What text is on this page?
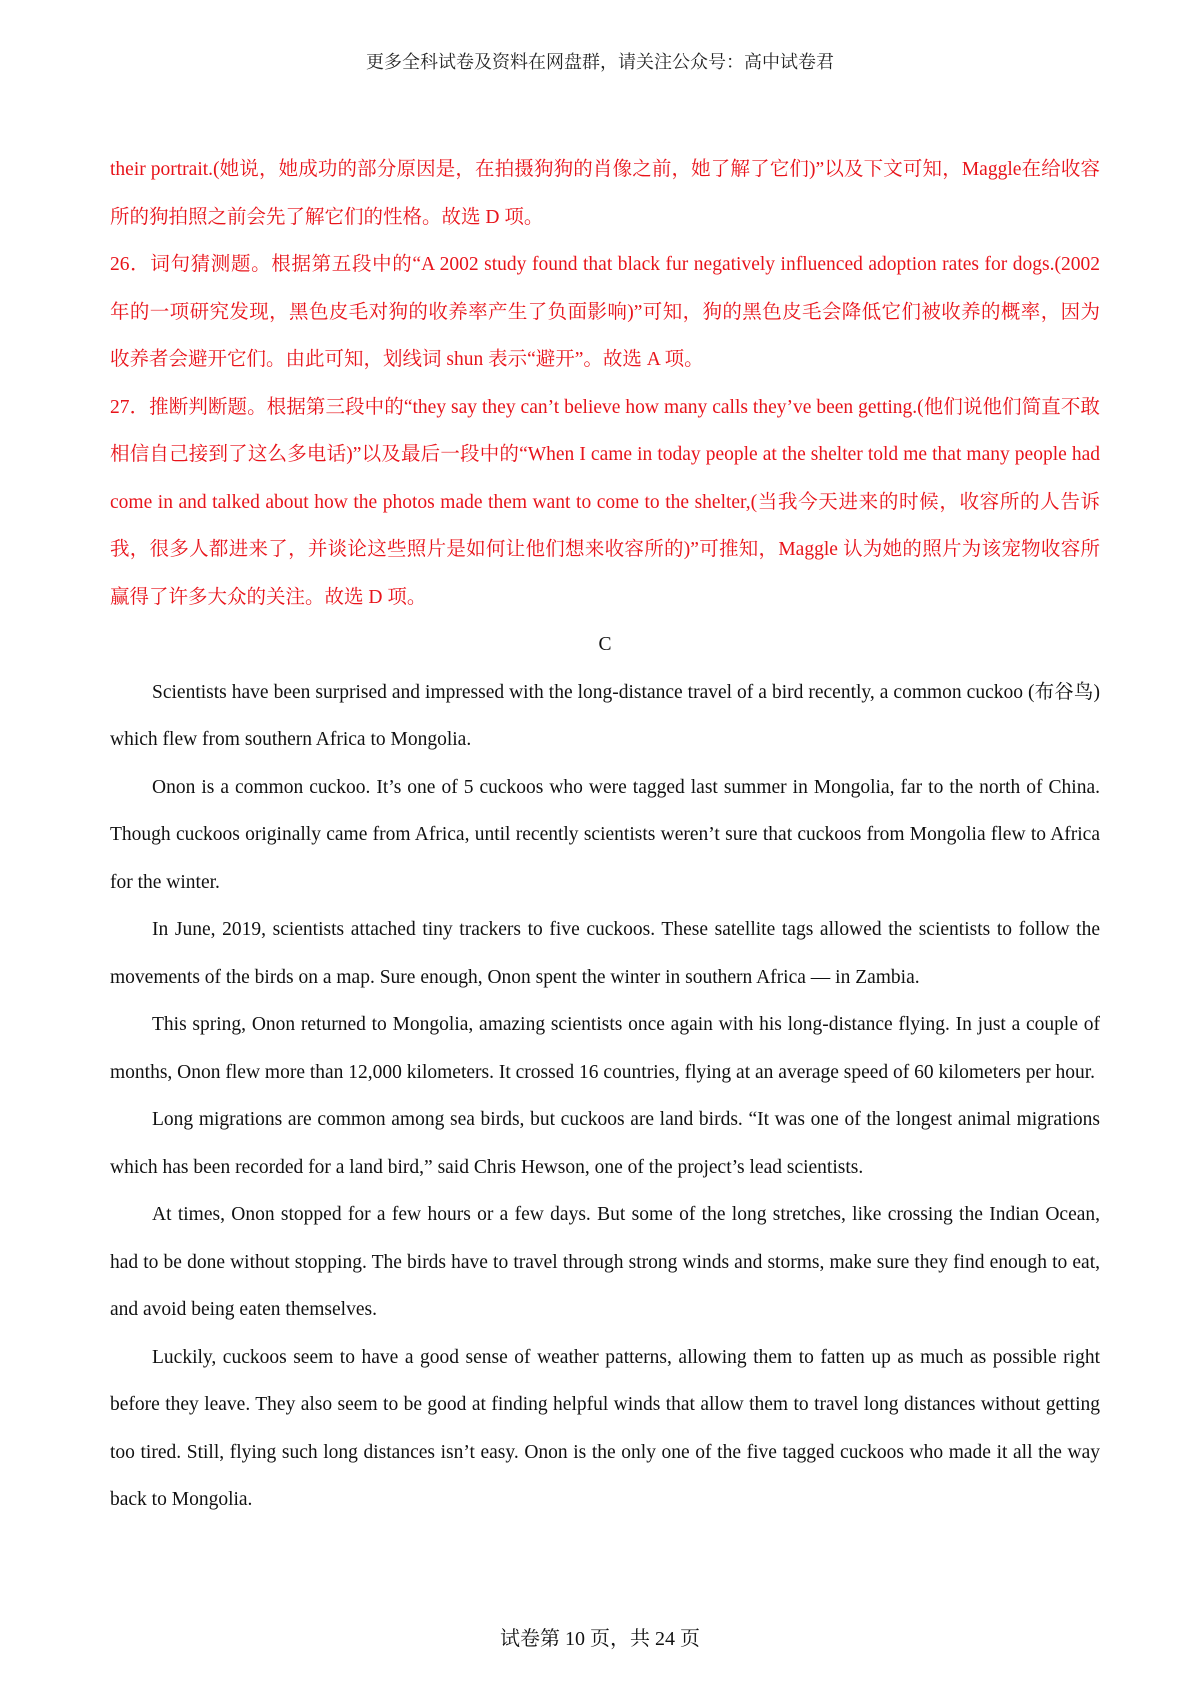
更多全科试卷及资料在网盘群，请关注公众号：高中试卷君

their portrait.(她说，她成功的部分原因是，在拍摄狗狗的肖像之前，她了解了它们)”以及下文可知，Maggle在给收容所的狗拍照之前会先了解它们的性格。故选 D 项。

26．词句猜测题。根据第五段中的“A 2002 study found that black fur negatively influenced adoption rates for dogs.(2002 年的一项研究发现，黑色皮毛对狗的收养率产生了负面影响)”可知，狗的黑色皮毛会降低它们被收养的概率，因为收养者会避开它们。由此可知，划线词 shun 表示“避开”。故选 A 项。

27．推断判断题。根据第三段中的“they say they can’t believe how many calls they’ve been getting.(他们说他们简直不敢相信自己接到了这么多电话)”以及最后一段中的“When I came in today people at the shelter told me that many people had come in and talked about how the photos made them want to come to the shelter,(当我今天进来的时候，收容所的人告诉我，很多人都进来了，并谈论这些照片是如何让他们想来收容所的)”可推知，Maggle 认为她的照片为该宠物收容所赢得了许多大众的关注。故选 D 项。

C

Scientists have been surprised and impressed with the long-distance travel of a bird recently, a common cuckoo (布谷鸟) which flew from southern Africa to Mongolia.

Onon is a common cuckoo. It’s one of 5 cuckoos who were tagged last summer in Mongolia, far to the north of China. Though cuckoos originally came from Africa, until recently scientists weren’t sure that cuckoos from Mongolia flew to Africa for the winter.

In June, 2019, scientists attached tiny trackers to five cuckoos. These satellite tags allowed the scientists to follow the movements of the birds on a map. Sure enough, Onon spent the winter in southern Africa — in Zambia.

This spring, Onon returned to Mongolia, amazing scientists once again with his long-distance flying. In just a couple of months, Onon flew more than 12,000 kilometers. It crossed 16 countries, flying at an average speed of 60 kilometers per hour.

Long migrations are common among sea birds, but cuckoos are land birds. “It was one of the longest animal migrations which has been recorded for a land bird,” said Chris Hewson, one of the project’s lead scientists.

At times, Onon stopped for a few hours or a few days. But some of the long stretches, like crossing the Indian Ocean, had to be done without stopping. The birds have to travel through strong winds and storms, make sure they find enough to eat, and avoid being eaten themselves.

Luckily, cuckoos seem to have a good sense of weather patterns, allowing them to fatten up as much as possible right before they leave. They also seem to be good at finding helpful winds that allow them to travel long distances without getting too tired. Still, flying such long distances isn’t easy. Onon is the only one of the five tagged cuckoos who made it all the way back to Mongolia.

试卷第 10 页，共 24 页
